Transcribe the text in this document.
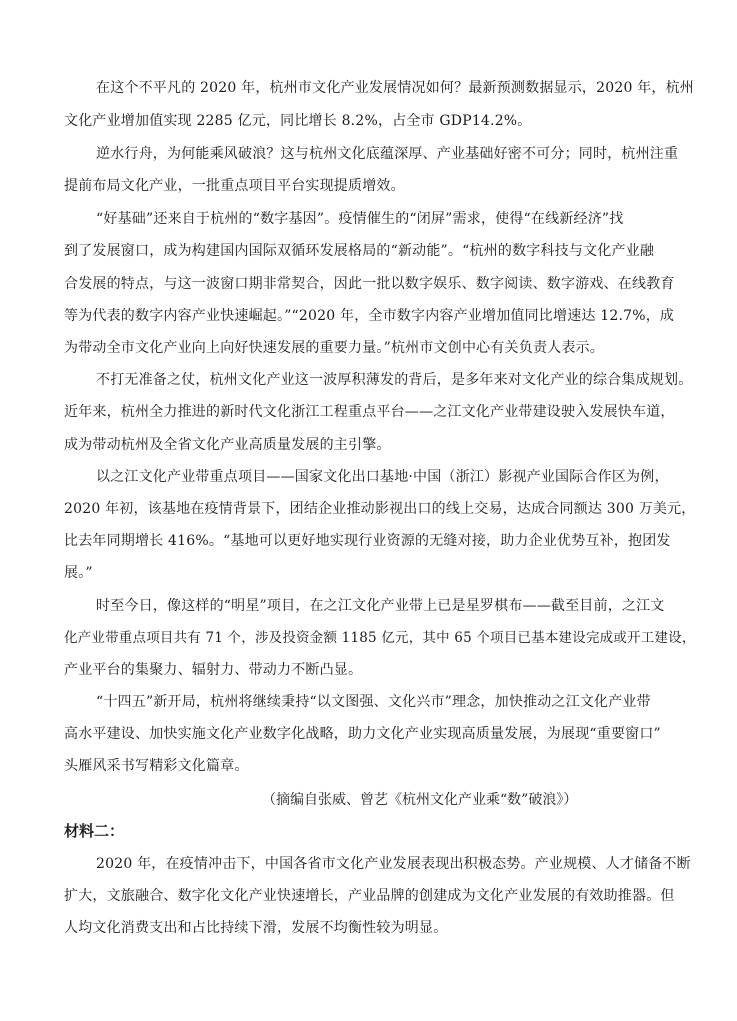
在这个不平凡的 2020 年，杭州市文化产业发展情况如何？最新预测数据显示，2020 年，杭州
文化产业增加值实现 2285 亿元，同比增长 8.2%，占全市 GDP14.2%。
逆水行舟，为何能乘风破浪？这与杭州文化底蕴深厚、产业基础好密不可分；同时，杭州注重
提前布局文化产业，一批重点项目平台实现提质增效。
“好基础”还来自于杭州的“数字基因”。疫情催生的“闭屏”需求，使得“在线新经济”找
到了发展窗口，成为构建国内国际双循环发展格局的“新动能”。“杭州的数字科技与文化产业融
合发展的特点，与这一波窗口期非常契合，因此一批以数字娱乐、数字阅读、数字游戏、在线教育
等为代表的数字内容产业快速崛起。”“2020 年，全市数字内容产业增加值同比增速达 12.7%，成
为带动全市文化产业向上向好快速发展的重要力量。”杭州市文创中心有关负责人表示。
不打无准备之仗，杭州文化产业这一波厚积薄发的背后，是多年来对文化产业的综合集成规划。
近年来，杭州全力推进的新时代文化浙江工程重点平台——之江文化产业带建设驶入发展快车道，
成为带动杭州及全省文化产业高质量发展的主引擎。
以之江文化产业带重点项目——国家文化出口基地·中国（浙江）影视产业国际合作区为例，
2020 年初，该基地在疫情背景下，团结企业推动影视出口的线上交易，达成合同额达 300 万美元，
比去年同期增长 416%。“基地可以更好地实现行业资源的无缝对接，助力企业优势互补，抱团发
展。”
时至今日，像这样的“明星”项目，在之江文化产业带上已是星罗棋布——截至目前，之江文
化产业带重点项目共有 71 个，涉及投资金额 1185 亿元，其中 65 个项目已基本建设完成或开工建设，
产业平台的集聚力、辐射力、带动力不断凸显。
“十四五”新开局，杭州将继续秉持“以文图强、文化兴市”理念，加快推动之江文化产业带
高水平建设、加快实施文化产业数字化战略，助力文化产业实现高质量发展，为展现“重要窗口”
头雁风采书写精彩文化篇章。
（摘编自张威、曾艺《杭州文化产业乘“数”破浪》）
材料二：
2020 年，在疫情冲击下，中国各省市文化产业发展表现出积极态势。产业规模、人才储备不断
扩大，文旅融合、数字化文化产业快速增长，产业品牌的创建成为文化产业发展的有效助推器。但
人均文化消费支出和占比持续下滑，发展不均衡性较为明显。
